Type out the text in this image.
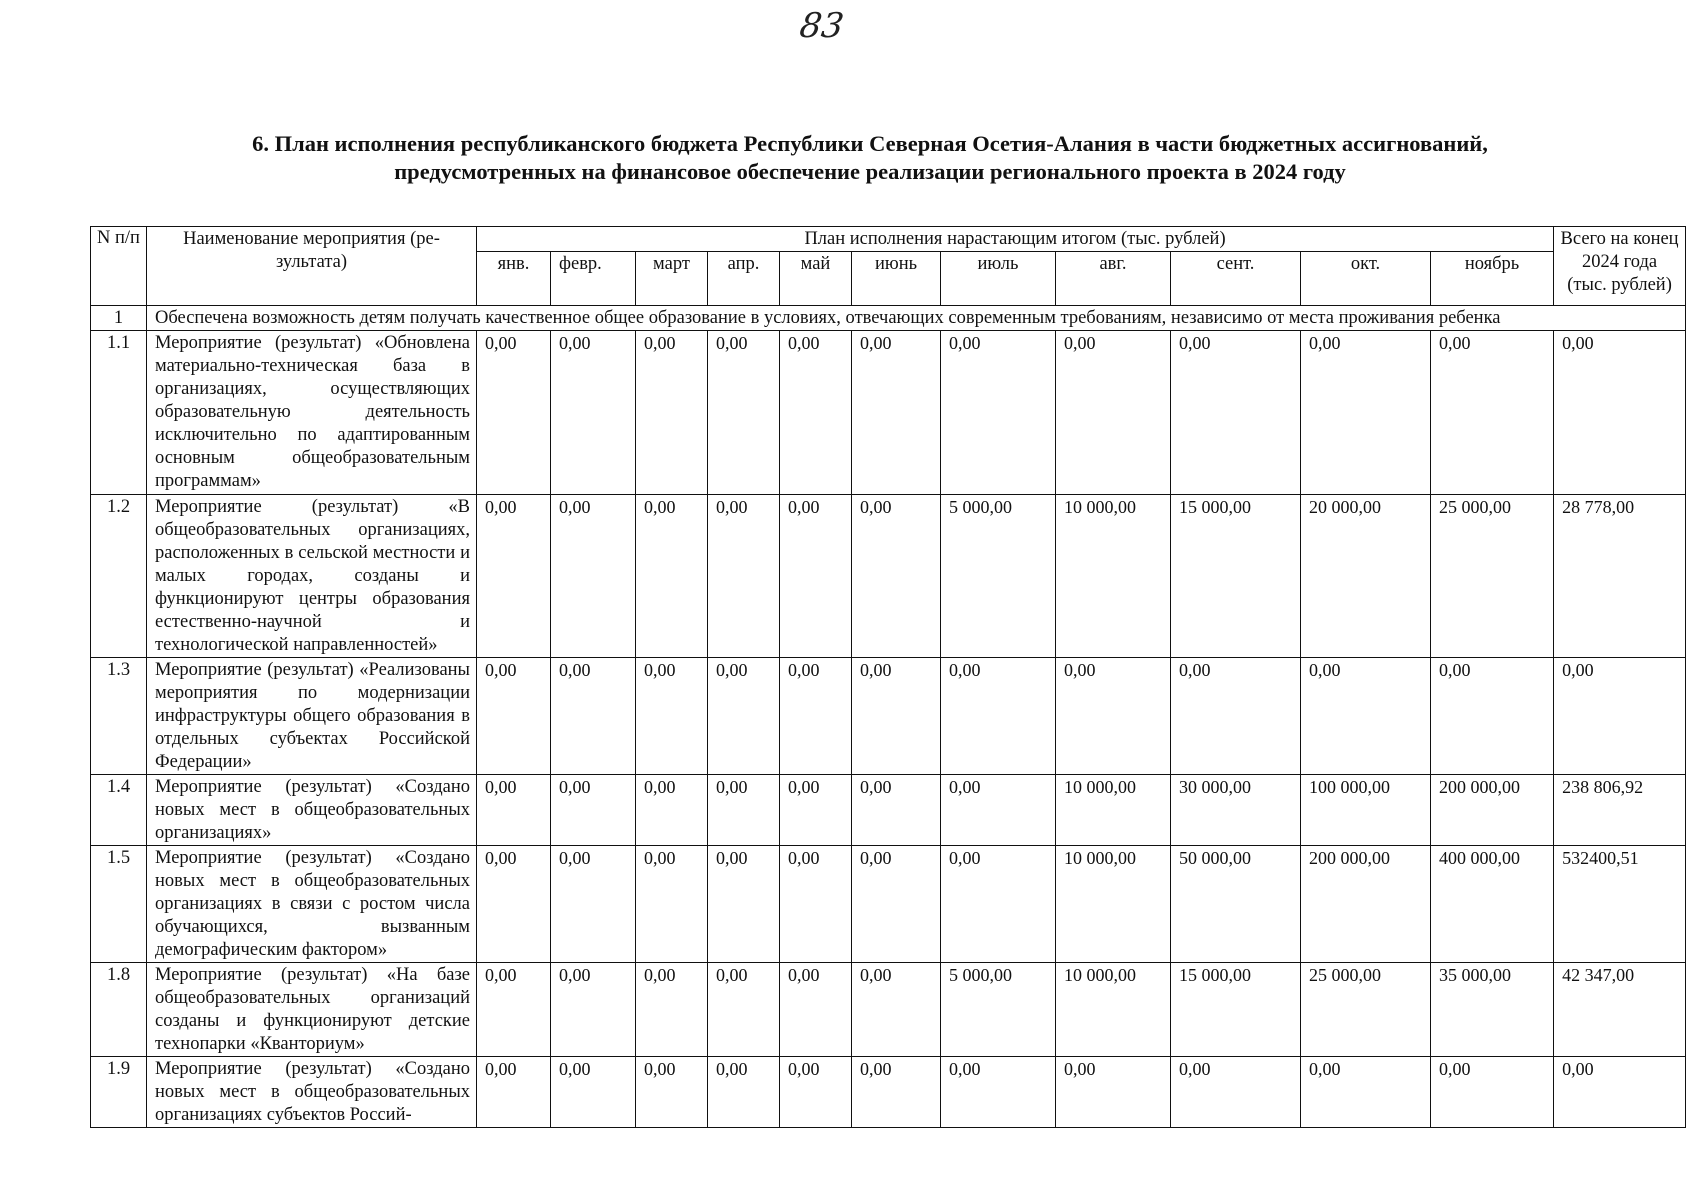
83
6. План исполнения республиканского бюджета Республики Северная Осетия-Алания в части бюджетных ассигнований,
предусмотренных на финансовое обеспечение реализации регионального проекта в 2024 году
N п/п	Наименование мероприятия (ре-зультата)	План исполнения нарастающим итогом (тыс. рублей)											Всего на конец 2024 года (тыс. рублей)
		янв.	февр.	март	апр.	май	июнь	июль	авг.	сент.	окт.	ноябрь	
1	Обеспечена возможность детям получать качественное общее образование в условиях, отвечающих современным требованиям, независимо от места проживания ребенка												
1.1	Мероприятие (результат) «Обновлена материально-техническая база в организациях, осуществляющих образовательную деятельность исключительно по адаптированным основным общеобразовательным программам»	0,00	0,00	0,00	0,00	0,00	0,00	0,00	0,00	0,00	0,00	0,00	0,00
1.2	Мероприятие (результат) «В общеобразовательных организациях, расположенных в сельской местности и малых городах, созданы и функционируют центры образования естественно-научной и технологической направленностей»	0,00	0,00	0,00	0,00	0,00	0,00	5 000,00	10 000,00	15 000,00	20 000,00	25 000,00	28 778,00
1.3	Мероприятие (результат) «Реализованы мероприятия по модернизации инфраструктуры общего образования в отдельных субъектах Российской Федерации»	0,00	0,00	0,00	0,00	0,00	0,00	0,00	0,00	0,00	0,00	0,00	0,00
1.4	Мероприятие (результат) «Создано новых мест в общеобразовательных организациях»	0,00	0,00	0,00	0,00	0,00	0,00	0,00	10 000,00	30 000,00	100 000,00	200 000,00	238 806,92
1.5	Мероприятие (результат) «Создано новых мест в общеобразовательных организациях в связи с ростом числа обучающихся, вызванным демографическим фактором»	0,00	0,00	0,00	0,00	0,00	0,00	0,00	10 000,00	50 000,00	200 000,00	400 000,00	532400,51
1.8	Мероприятие (результат) «На базе общеобразовательных организаций созданы и функционируют детские технопарки «Кванториум»	0,00	0,00	0,00	0,00	0,00	0,00	5 000,00	10 000,00	15 000,00	25 000,00	35 000,00	42 347,00
1.9	Мероприятие (результат) «Создано новых мест в общеобразовательных организациях субъектов Россий-	0,00	0,00	0,00	0,00	0,00	0,00	0,00	0,00	0,00	0,00	0,00	0,00
